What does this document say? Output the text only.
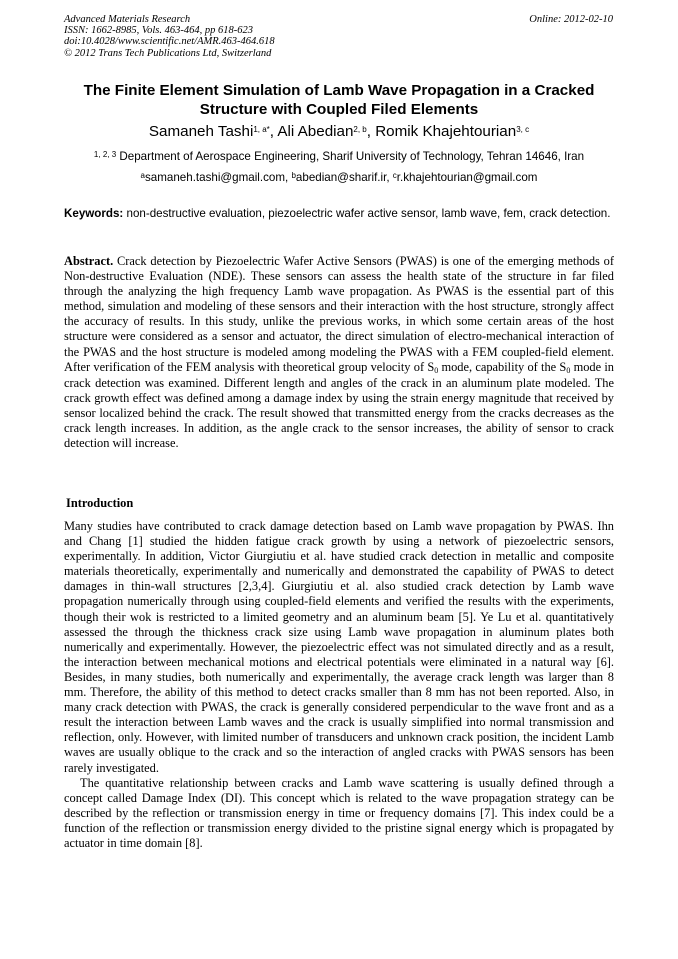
Advanced Materials Research
ISSN: 1662-8985, Vols. 463-464, pp 618-623
doi:10.4028/www.scientific.net/AMR.463-464.618
© 2012 Trans Tech Publications Ltd, Switzerland
Online: 2012-02-10
The Finite Element Simulation of Lamb Wave Propagation in a Cracked
Structure with Coupled Filed Elements
Samaneh Tashi$^{1, a*}$, Ali Abedian$^{2, b}$, Romik Khajehtourian$^{3, c}$
$^{1, 2, 3}$ Department of Aerospace Engineering, Sharif University of Technology, Tehran 14646, Iran
$^a$samaneh.tashi@gmail.com, $^b$abedian@sharif.ir, $^c$r.khajehtourian@gmail.com
Keywords: non-destructive evaluation, piezoelectric wafer active sensor, lamb wave, fem, crack detection.
Abstract. Crack detection by Piezoelectric Wafer Active Sensors (PWAS) is one of the emerging methods of Non-destructive Evaluation (NDE). These sensors can assess the health state of the structure in far filed through the analyzing the high frequency Lamb wave propagation. As PWAS is the essential part of this method, simulation and modeling of these sensors and their interaction with the host structure, strongly affect the accuracy of results. In this study, unlike the previous works, in which some certain areas of the host structure were considered as a sensor and actuator, the direct simulation of electro-mechanical interaction of the PWAS and the host structure is modeled among modeling the PWAS with a FEM coupled-field element. After verification of the FEM analysis with theoretical group velocity of $S_0$ mode, capability of the $S_0$ mode in crack detection was examined. Different length and angles of the crack in an aluminum plate modeled. The crack growth effect was defined among a damage index by using the strain energy magnitude that received by sensor localized behind the crack. The result showed that transmitted energy from the cracks decreases as the crack length increases. In addition, as the angle crack to the sensor increases, the ability of sensor to crack detection will increase.
Introduction

Many studies have contributed to crack damage detection based on Lamb wave propagation by PWAS. Ihn and Chang [1] studied the hidden fatigue crack growth by using a network of piezoelectric sensors, experimentally. In addition, Victor Giurgiutiu et al. have studied crack detection in metallic and composite materials theoretically, experimentally and numerically and demonstrated the capability of PWAS to detect damages in thin-wall structures [2,3,4]. Giurgiutiu et al. also studied crack detection by Lamb wave propagation numerically through using coupled-field elements and verified the results with the experiments, though their wok is restricted to a limited geometry and an aluminum beam [5]. Ye Lu et al. quantitatively assessed the through the thickness crack size using Lamb wave propagation in aluminum plates both numerically and experimentally. However, the piezoelectric effect was not simulated directly and as a result, the interaction between mechanical motions and electrical potentials were eliminated in a natural way [6]. Besides, in many studies, both numerically and experimentally, the average crack length was larger than 8 mm. Therefore, the ability of this method to detect cracks smaller than 8 mm has not been reported. Also, in many crack detection with PWAS, the crack is generally considered perpendicular to the wave front and as a result the interaction between Lamb waves and the crack is usually simplified into normal transmission and reflection, only. However, with limited number of transducers and unknown crack position, the incident Lamb waves are usually oblique to the crack and so the interaction of angled cracks with PWAS sensors has been rarely investigated.

The quantitative relationship between cracks and Lamb wave scattering is usually defined through a concept called Damage Index (DI). This concept which is related to the wave propagation strategy can be described by the reflection or transmission energy in time or frequency domains [7]. This index could be a function of the reflection or transmission energy divided to the pristine signal energy which is propagated by actuator in time domain [8].
